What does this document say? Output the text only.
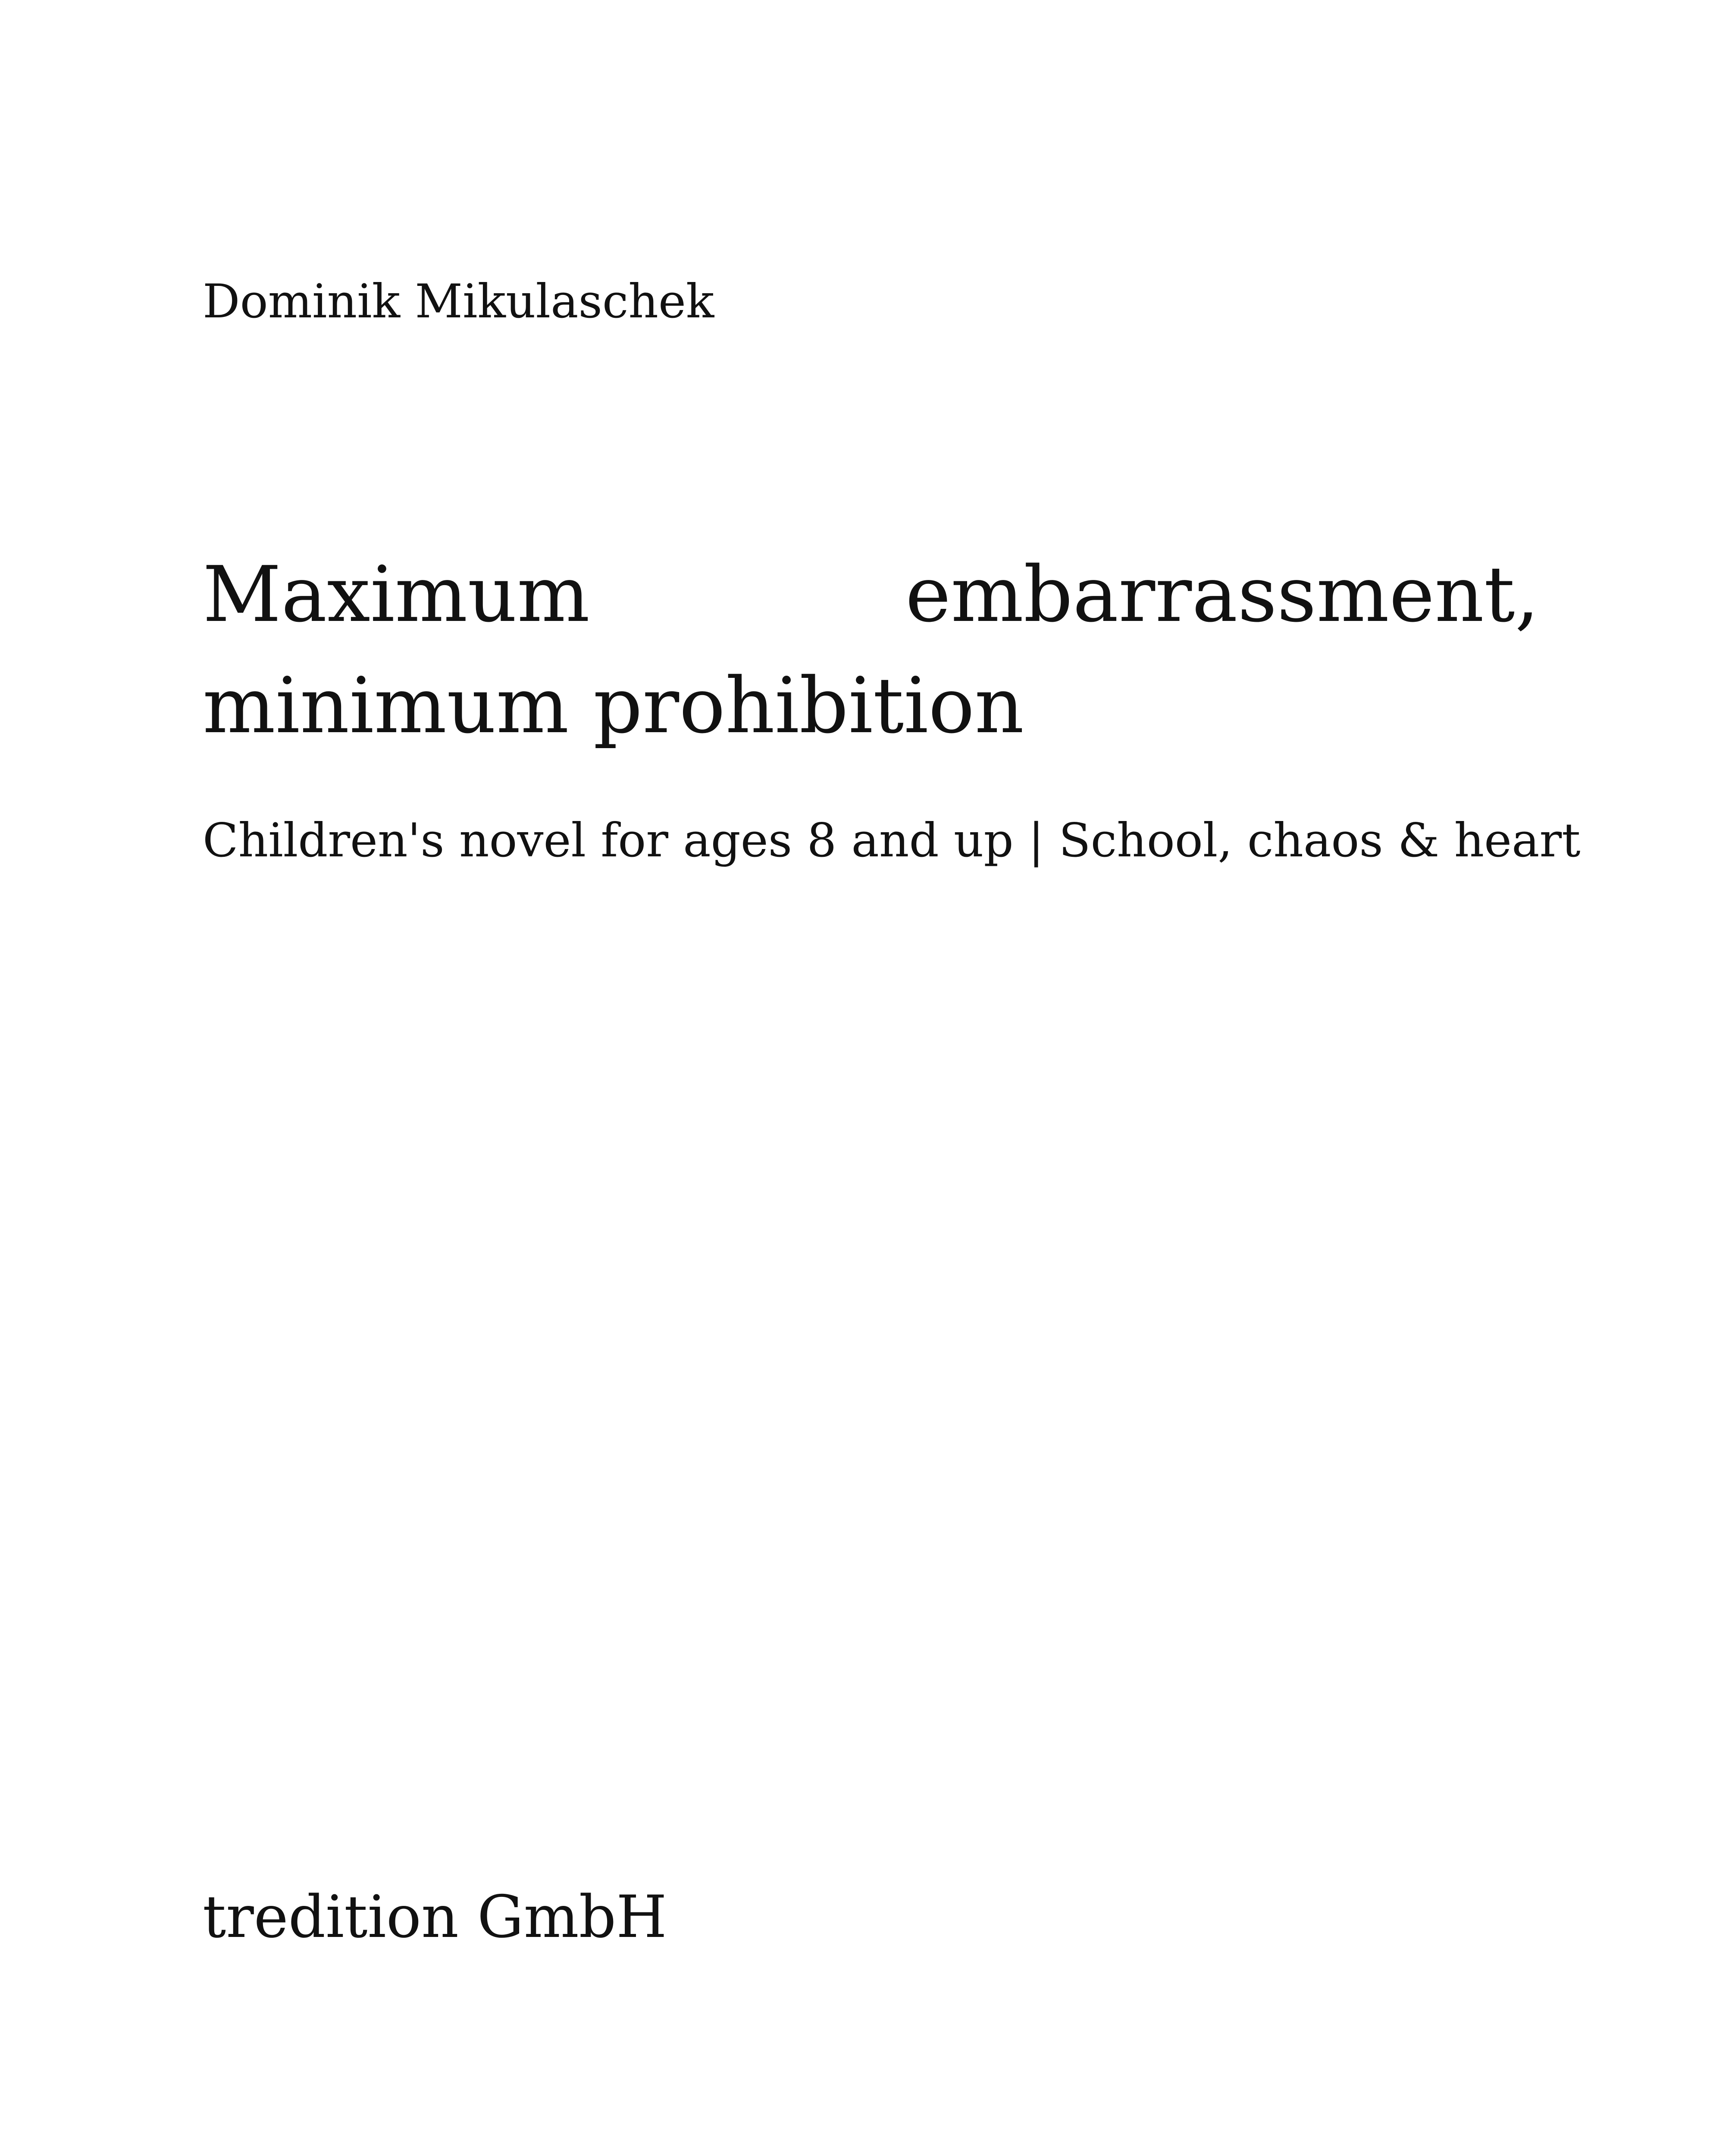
Dominik Mikulaschek
Maximum embarrassment, minimum prohibition
Children's novel for ages 8 and up | School, chaos & heart
tredition GmbH
